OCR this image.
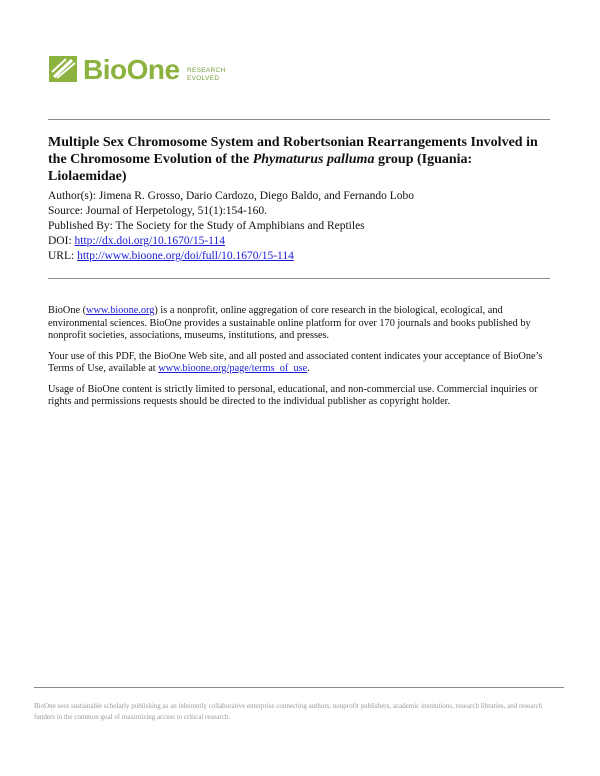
BioOne RESEARCH
EVOLVED
Multiple Sex Chromosome System and Robertsonian Rearrangements Involved in the Chromosome Evolution of the Phymaturus palluma group (Iguania: Liolaemidae)
Author(s): Jimena R. Grosso, Dario Cardozo, Diego Baldo, and Fernando Lobo
Source: Journal of Herpetology, 51(1):154-160.
Published By: The Society for the Study of Amphibians and Reptiles
DOI: http://dx.doi.org/10.1670/15-114
URL: http://www.bioone.org/doi/full/10.1670/15-114

BioOne (www.bioone.org) is a nonprofit, online aggregation of core research in the biological, ecological, and environmental sciences. BioOne provides a sustainable online platform for over 170 journals and books published by nonprofit societies, associations, museums, institutions, and presses.

Your use of this PDF, the BioOne Web site, and all posted and associated content indicates your acceptance of BioOne’s Terms of Use, available at www.bioone.org/page/terms_of_use.

Usage of BioOne content is strictly limited to personal, educational, and non-commercial use. Commercial inquiries or rights and permissions requests should be directed to the individual publisher as copyright holder.

BioOne sees sustainable scholarly publishing as an inherently collaborative enterprise connecting authors, nonprofit publishers, academic institutions, research libraries, and research funders in the common goal of maximizing access to critical research.
